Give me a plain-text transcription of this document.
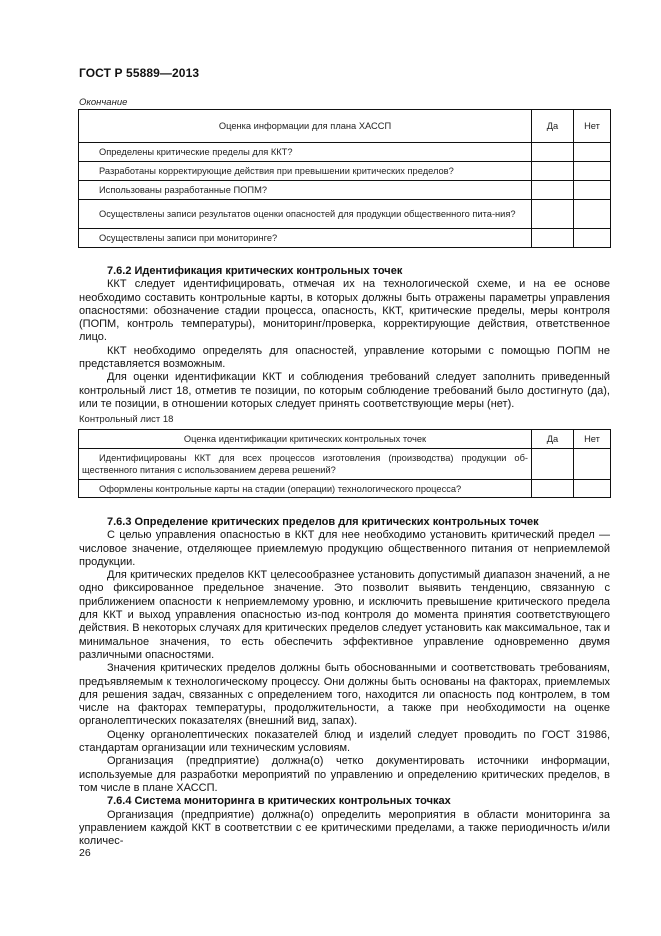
ГОСТ Р 55889—2013
Окончание
Оценка информации для плана ХАССП	Да	Нет
Определены критические пределы для ККТ?		
Разработаны корректирующие действия при превышении критических пределов?		
Использованы разработанные ПОПМ?		
Осуществлены записи результатов оценки опасностей для продукции общественного пита-ния?		
Осуществлены записи при мониторинге?		
7.6.2 Идентификация критических контрольных точек

ККТ следует идентифицировать, отмечая их на технологической схеме, и на ее основе необходимо составить контрольные карты, в которых должны быть отражены параметры управления опасностями: обозначение стадии процесса, опасность, ККТ, критические пределы, меры контроля (ПОПМ, контроль температуры), мониторинг/проверка, корректирующие действия, ответственное лицо.

ККТ необходимо определять для опасностей, управление которыми с помощью ПОПМ не представляется возможным.

Для оценки идентификации ККТ и соблюдения требований следует заполнить приведенный контрольный лист 18, отметив те позиции, по которым соблюдение требований было достигнуто (да), или те позиции, в отношении которых следует принять соответствующие меры (нет).

Контрольный лист 18
Оценка идентификации критических контрольных точек	Да	Нет
Идентифицированы ККТ для всех процессов изготовления (производства) продукции об-щественного питания с использованием дерева решений?		
Оформлены контрольные карты на стадии (операции) технологического процесса?		
7.6.3 Определение критических пределов для критических контрольных точек

С целью управления опасностью в ККТ для нее необходимо установить критический предел — числовое значение, отделяющее приемлемую продукцию общественного питания от неприемлемой продукции.

Для критических пределов ККТ целесообразнее установить допустимый диапазон значений, а не одно фиксированное предельное значение. Это позволит выявить тенденцию, связанную с приближением опасности к неприемлемому уровню, и исключить превышение критического предела для ККТ и выход управления опасностью из-под контроля до момента принятия соответствующего действия. В некоторых случаях для критических пределов следует установить как максимальное, так и минимальное значения, то есть обеспечить эффективное управление одновременно двумя различными опасностями.

Значения критических пределов должны быть обоснованными и соответствовать требованиям, предъявляемым к технологическому процессу. Они должны быть основаны на факторах, приемлемых для решения задач, связанных с определением того, находится ли опасность под контролем, в том числе на факторах температуры, продолжительности, а также при необходимости на оценке органолептических показателях (внешний вид, запах).

Оценку органолептических показателей блюд и изделий следует проводить по ГОСТ 31986, стандартам организации или техническим условиям.

Организация (предприятие) должна(о) четко документировать источники информации, используемые для разработки мероприятий по управлению и определению критических пределов, в том числе в плане ХАССП.

7.6.4 Система мониторинга в критических контрольных точках

Организация (предприятие) должна(о) определить мероприятия в области мониторинга за управлением каждой ККТ в соответствии с ее критическими пределами, а также периодичность и/или количес-

26
